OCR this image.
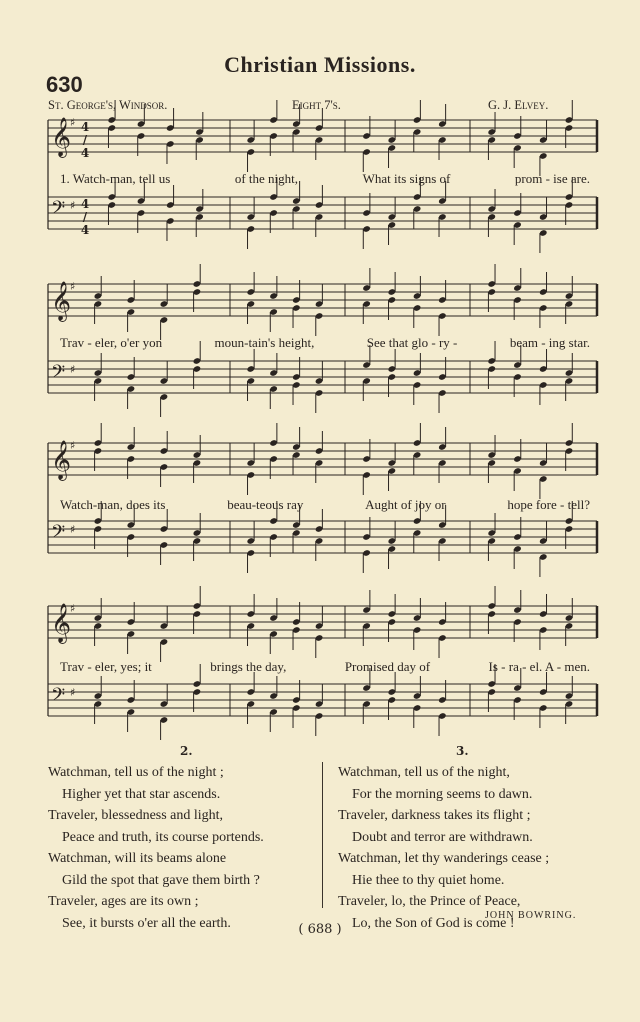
Christian Missions.
630
St. George's, Windsor.	Eight 7's.	G. J. Elvey.
𝄞
♯
𝄢 ♯
𝄞
♯
𝄢 ♯
𝄞
♯
𝄢 ♯
𝄞
♯
𝄢 ♯
4/4
4/4
1. Watch-man, tell us	of the night,	What its signs of	prom - ise are.
Trav - eler, o'er yon	moun-tain's height,	See that glo - ry -	beam - ing star.
Watch-man, does its	beau-teous ray	Aught of joy or	hope fore - tell?
Trav - eler, yes; it	brings the day,	Promised day of	Is - ra - el. A - men.
2.
Watchman, tell us of the night ;
Higher yet that star ascends.
Traveler, blessedness and light,
Peace and truth, its course portends.
Watchman, will its beams alone
Gild the spot that gave them birth ?
Traveler, ages are its own ;
See, it bursts o'er all the earth.
3.
Watchman, tell us of the night,
For the morning seems to dawn.
Traveler, darkness takes its flight ;
Doubt and terror are withdrawn.
Watchman, let thy wanderings cease ;
Hie thee to thy quiet home.
Traveler, lo, the Prince of Peace,
Lo, the Son of God is come !
JOHN BOWRING.
( 688 )
